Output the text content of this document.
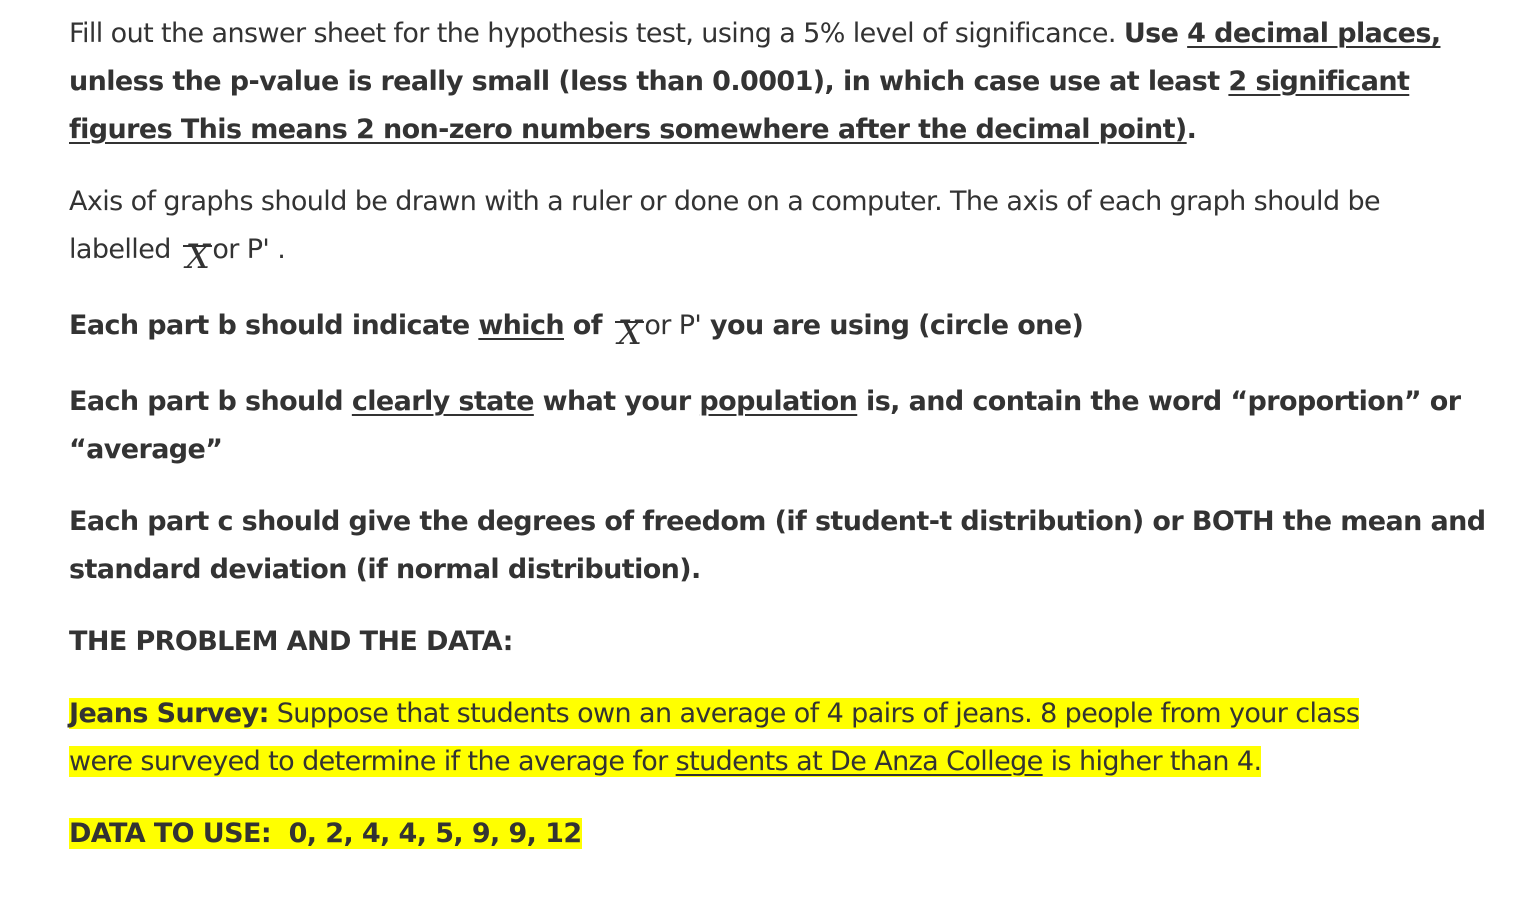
Fill out the answer sheet for the hypothesis test, using a 5% level of significance. Use 4 decimal places, unless the p-value is really small (less than 0.0001), in which case use at least 2 significant figures This means 2 non-zero numbers somewhere after the decimal point).

Axis of graphs should be drawn with a ruler or done on a computer. The axis of each graph should be labelled X or P' .

Each part b should indicate which of X or P' you are using (circle one)

Each part b should clearly state what your population is, and contain the word “proportion” or “average”

Each part c should give the degrees of freedom (if student-t distribution) or BOTH the mean and standard deviation (if normal distribution).

THE PROBLEM AND THE DATA:

Jeans Survey: Suppose that students own an average of 4 pairs of jeans. 8 people from your class were surveyed to determine if the average for students at De Anza College is higher than 4.

DATA TO USE: 0, 2, 4, 4, 5, 9, 9, 12
